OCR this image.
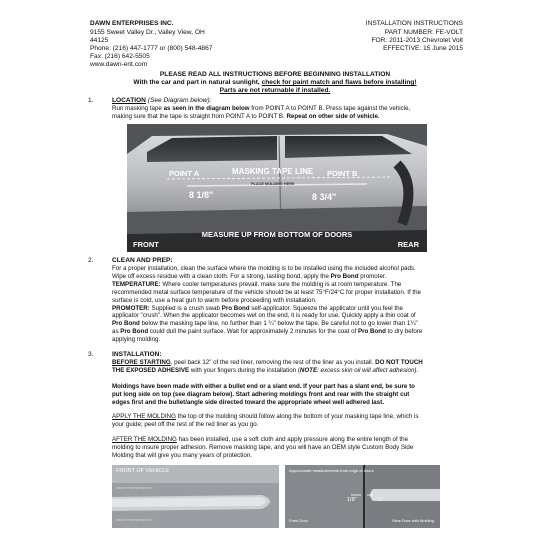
DAWN ENTERPRISES INC.
9155 Sweet Valley Dr., Valley View, OH
44125
Phone: (216) 447-1777 or (800) 548-4867
Fax: (216) 642-5505
www.dawn-ent.com
INSTALLATION INSTRUCTIONS
PART NUMBER: FE-VOLT
FOR: 2011-2013 Chevrolet Volt
EFFECTIVE: 15 June 2015
PLEASE READ ALL INSTRUCTIONS BEFORE BEGINNING INSTALLATION
With the car and part in natural sunlight, check for paint match and flaws before installing!
Parts are not returnable if installed.
1.	LOCATION (See Diagram below):
Run masking tape as seen in the diagram below from POINT A to POINT B. Press tape against the vehicle,
making sure that the tape is straight from POINT A to POINT B. Repeat on other side of vehicle.
POINT A	MASKING TAPE LINE POINT B
PLACE MOLDING HERE
8 1/8"	8 3/4"
MEASURE UP FROM BOTTOM OF DOORS
FRONT	REAR
2.	CLEAN AND PREP:
For a proper installation, clean the surface where the molding is to be installed using the included alcohol pads.
Wipe off excess residue with a clean cloth. For a strong, lasting bond, apply the Pro Bond promoter.
TEMPERATURE: Where cooler temperatures prevail, make sure the molding is at room temperature. The
recommended metal surface temperature of the vehicle should be at least 75°F/24°C for proper installation. If the
surface is cold, use a heat gun to warm before proceeding with installation.
PROMOTER: Supplied is a crush swab Pro Bond self-applicator. Squeeze the applicator until you feel the
applicator "crush". When the applicator becomes wet on the end, it is ready for use. Quickly apply a thin coat of
Pro Bond below the masking tape line, no further than 1 ¼" below the tape. Be careful not to go lower than 1¼"
as Pro Bond could dull the paint surface. Wait for approximately 2 minutes for the coat of Pro Bond to dry before
applying molding.
3.	INSTALLATION:
BEFORE STARTING, peel back 12" of the red liner, removing the rest of the liner as you install. DO NOT TOUCH
THE EXPOSED ADHESIVE with your fingers during the installation (NOTE: excess skin oil will affect adhesion).
Moldings have been made with either a bullet end or a slant end. If your part has a slant end, be sure to
put long side on top (see diagram below). Start adhering moldings front and rear with the straight cut
edges first and the bullet/angle side directed toward the appropriate wheel well adhered last.
APPLY THE MOLDING the top of the molding should follow along the bottom of your masking tape line, which is
your guide; peel off the rest of the red liner as you go.
AFTER THE MOLDING has been installed, use a soft cloth and apply pressure along the entire length of the
molding to insure proper adhesion. Remove masking tape, and you will have an OEM style Custom Body Side
Molding that will give you many years of protection.
FRONT OF VEHICLE
dawn enterprises inc.
dawn enterprises inc.
Approximate measurements from edge of doors
1/8"	¼"
Front Door	Rear Door with Molding
